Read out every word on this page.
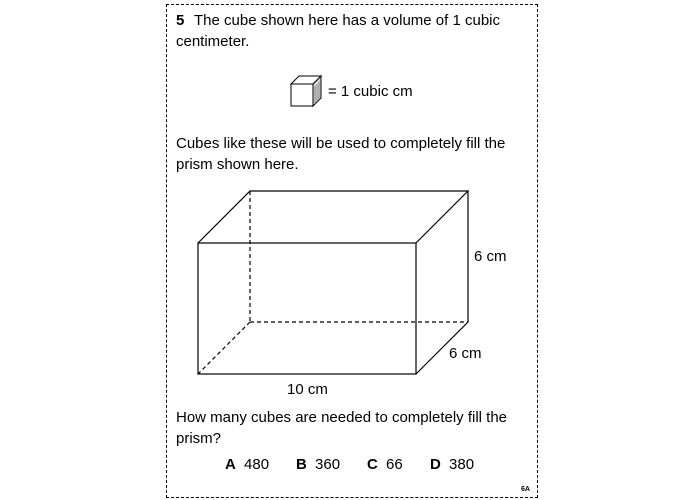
5 The cube shown here has a volume of 1 cubic
centimeter.
= 1 cubic cm
Cubes like these will be used to completely fill the
prism shown here.
6 cm
6 cm
10 cm
How many cubes are needed to completely fill the
prism?
A 480 B 360 C 66 D 380
6A
